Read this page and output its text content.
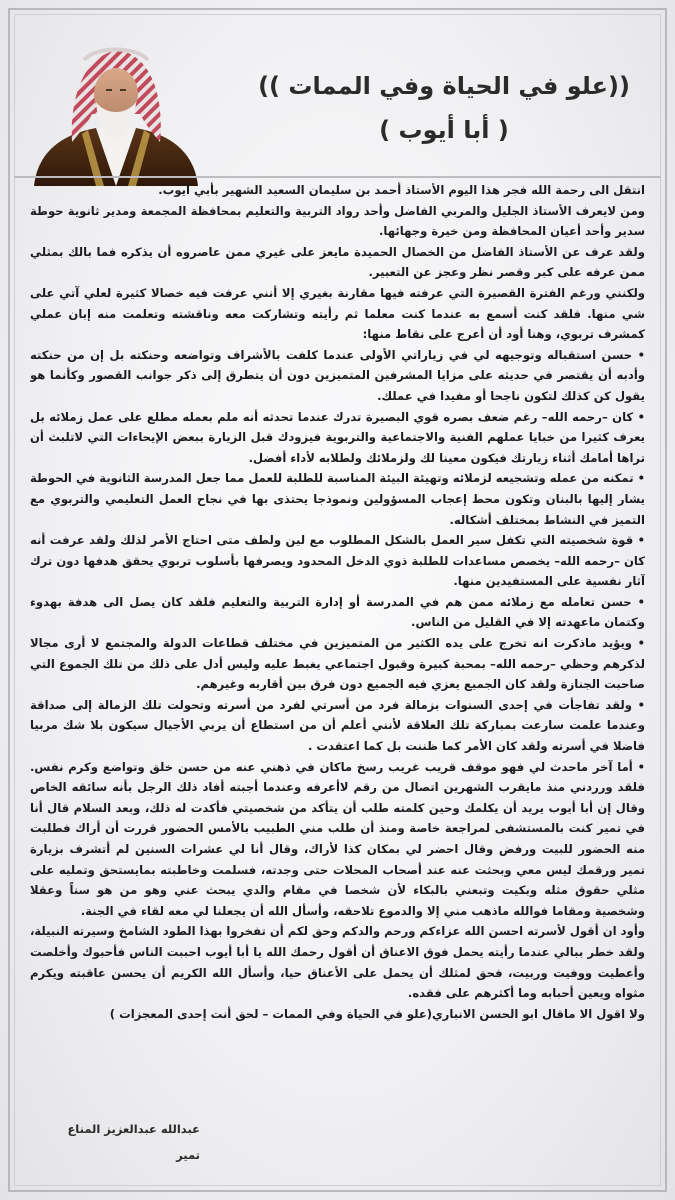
((علو في الحياة وفي الممات ))
( أبا أيوب )

انتقل الى رحمة الله فجر هذا اليوم الأستاذ أحمد بن سليمان السعيد الشهير بأبي أيوب.

ومن لايعرف الأستاذ الجليل والمربي الفاضل وأحد رواد التربية والتعليم بمحافظة المجمعة ومدير ثانوية حوطة سدير وأحد أعيان المحافظة ومن خيرة وجهائها.

ولقد عرف عن الأستاذ الفاضل من الخصال الحميدة مايعز على غيري ممن عاصروه أن يذكره فما بالك بمثلي ممن عرفه على كبر وقصر نظر وعجز عن التعبير.

ولكنني ورغم الفترة القصيرة التي عرفته فيها مقارنة بغيري إلا أنني عرفت فيه خصالا كثيرة لعلي آتي على شي منها. فلقد كنت أسمع به عندما كنت معلما ثم رأيته وتشاركت معه وناقشته وتعلمت منه إبان عملي كمشرف تربوي، وهنا أود أن أعرج على نقاط منها:

• حسن استقباله وتوجيهه لي في زياراتي الأولى عندما كلفت بالأشراف وتواضعه وحنكته بل إن من حنكته وأدبه أن يقتصر في حديثه على مزايا المشرفين المتميزين دون أن يتطرق إلى ذكر جوانب القصور وكأنما هو يقول كن كذلك لتكون ناجحا أو مفيدا في عملك.

• كان –رحمه الله– رغم ضعف بصره قوي البصيرة تدرك عندما تحدثه أنه ملم بعمله مطلع على عمل زملائه بل يعرف كثيرا من خبايا عملهم الفنية والاجتماعية والتربوية فيزودك قبل الزيارة ببعض الإيحاءات التي لاتلبث أن تراها أمامك أثناء زيارتك فيكون معينا لك ولزملائك ولطلابه لأداء أفضل.

• تمكنه من عمله وتشجيعه لزملائه وتهيئة البيئة المناسبة للطلبة للعمل مما جعل المدرسة الثانوية في الحوطة يشار إليها بالبنان وتكون محط إعجاب المسؤولين ونموذجا يحتذى بها في نجاح العمل التعليمي والتربوي مع التميز في النشاط بمختلف أشكاله.

• قوة شخصيته التي تكفل سير العمل بالشكل المطلوب مع لين ولطف متى احتاج الأمر لذلك ولقد عرفت أنه كان –رحمه الله– يخصص مساعدات للطلبة ذوي الدخل المحدود ويصرفها بأسلوب تربوي يحقق هدفها دون ترك آثار نفسية على المستفيدين منها.

• حسن تعامله مع زملائه ممن هم في المدرسة أو إدارة التربية والتعليم فلقد كان يصل الى هدفة بهدوء وكتمان ماعهدته إلا في القليل من الناس.

• ويؤيد ماذكرت انه تخرج على يده الكثير من المتميزين في مختلف قطاعات الدولة والمجتمع لا أرى مجالا لذكرهم وحظي –رحمه الله– بمحبة كبيرة وقبول اجتماعي يغبط عليه وليس أدل على ذلك من تلك الجموع التي صاحبت الجنازة ولقد كان الجميع يعزي فيه الجميع دون فرق بين أقاربه وغيرهم.

• ولقد تفاجأت في إحدى السنوات بزمالة فرد من أسرتي لفرد من أسرته وتحولت تلك الزمالة إلى صداقة وعندما علمت سارعت بمباركة تلك العلاقة لأنني أعلم أن من استطاع أن يربي الأجيال سيكون بلا شك مربيا فاضلا في أسرته ولقد كان الأمر كما ظننت بل كما اعتقدت .

• أما آخر ماحدث لي فهو موقف قريب غريب رسخ ماكان في ذهني عنه من حسن خلق وتواضع وكرم نفس. فلقد ورردني منذ مايقرب الشهرين اتصال من رقم لاأعرفه وعندما أجبته أفاد ذلك الرجل بأنه سائقه الخاص وقال إن أبا أيوب يريد أن يكلمك وحين كلمته طلب أن يتأكد من شخصيتي فأكدت له ذلك، وبعد السلام قال أنا في تمير كنت بالمستشفى لمراجعة خاصة ومنذ أن طلب مني الطبيب بالأمس الحضور قررت أن أراك فطلبت منه الحضور للبيت ورفض وقال احضر لي بمكان كذا لأراك، وقال أنا لي عشرات السنين لم أتشرف بزيارة تمير ورقمك ليس معي وبحثت عنه عند أصحاب المحلات حتى وجدته، فسلمت وخاطبته بمايستحق وتمليه على مثلي حقوق مثله وبكيت وتبعني بالبكاء لأن شخصا في مقام والدي يبحث عني وهو من هو سناً وعقلا وشخصية ومقاما فوالله ماذهب مني إلا والدموع تلاحقه، وأسأل الله أن يجعلنا لي معه لقاء في الجنة.

وأود ان أقول لأسرته احسن الله عزاءكم ورحم والدكم وحق لكم أن تفخروا بهذا الطود الشامخ وسيرته النبيلة، ولقد خطر ببالي عندما رأيته يحمل فوق الاعناق أن أقول رحمك الله يا أبا أيوب احببت الناس فأحبوك وأخلصت وأعطيت ووفيت وربيت، فحق لمثلك أن يحمل على الأعناق حيا، وأسأل الله الكريم أن يحسن عاقبته ويكرم مثواه ويعين أحبابه وما أكثرهم على فقده.

ولا اقول الا ماقال ابو الحسن الانباري(علو في الحياة وفي الممات – لحق أنت إحدى المعجزات )

عبدالله عبدالعزيز المناع
تمير
